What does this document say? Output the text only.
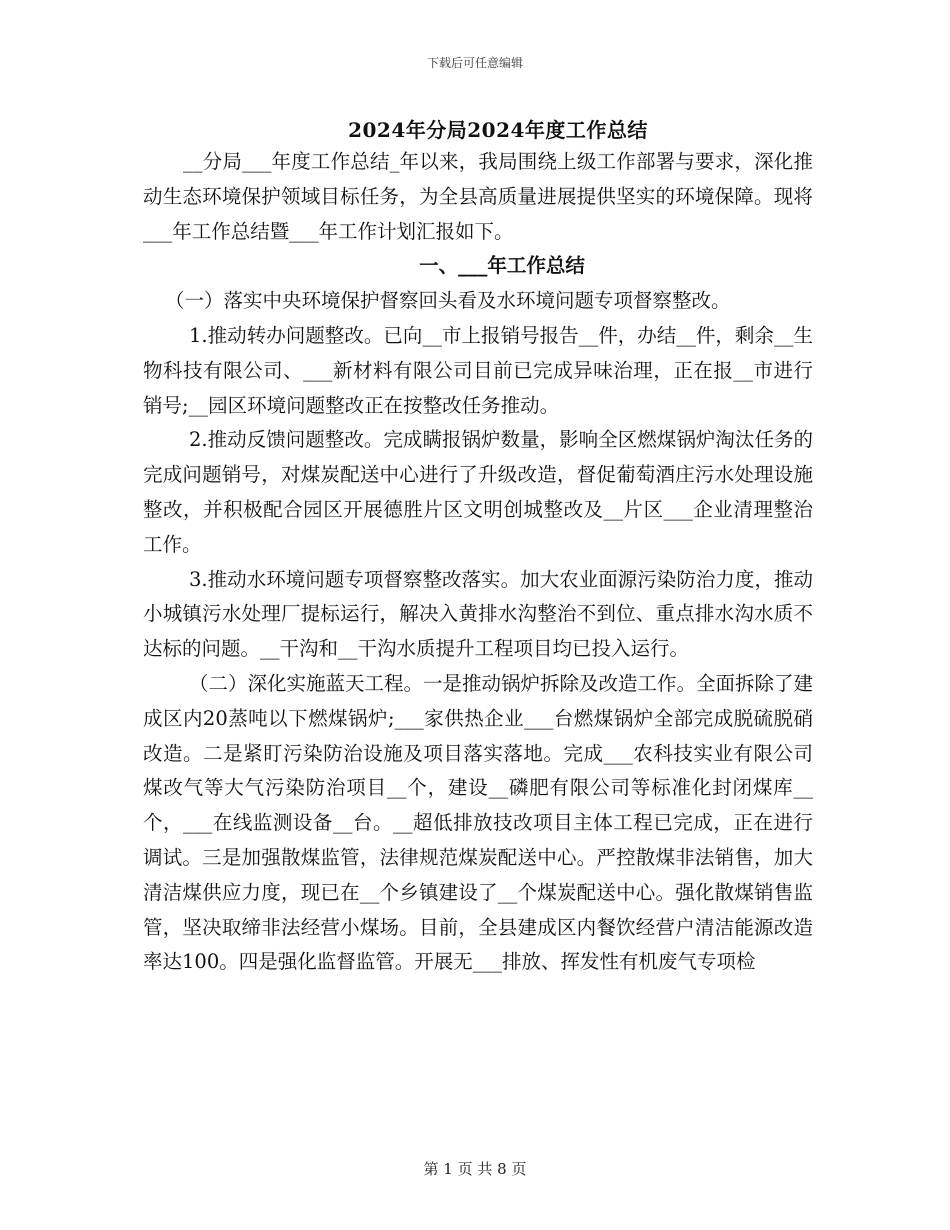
下载后可任意编辑
2024年分局2024年度工作总结

__分局___年度工作总结_年以来，我局围绕上级工作部署与要求，深化推动生态环境保护领域目标任务，为全县高质量进展提供坚实的环境保障。现将___年工作总结暨___年工作计划汇报如下。

一、___年工作总结

（一）落实中央环境保护督察回头看及水环境问题专项督察整改。

1.推动转办问题整改。已向__市上报销号报告__件，办结__件，剩余__生物科技有限公司、___新材料有限公司目前已完成异味治理，正在报__市进行销号;__园区环境问题整改正在按整改任务推动。

2.推动反馈问题整改。完成瞒报锅炉数量，影响全区燃煤锅炉淘汰任务的完成问题销号，对煤炭配送中心进行了升级改造，督促葡萄酒庄污水处理设施整改，并积极配合园区开展德胜片区文明创城整改及__片区___企业清理整治工作。

3.推动水环境问题专项督察整改落实。加大农业面源污染防治力度，推动小城镇污水处理厂提标运行，解决入黄排水沟整治不到位、重点排水沟水质不达标的问题。__干沟和__干沟水质提升工程项目均已投入运行。

（二）深化实施蓝天工程。一是推动锅炉拆除及改造工作。全面拆除了建成区内20蒸吨以下燃煤锅炉;___家供热企业___台燃煤锅炉全部完成脱硫脱硝改造。二是紧盯污染防治设施及项目落实落地。完成___农科技实业有限公司煤改气等大气污染防治项目__个，建设__磷肥有限公司等标准化封闭煤库__个，___在线监测设备__台。__超低排放技改项目主体工程已完成，正在进行调试。三是加强散煤监管，法律规范煤炭配送中心。严控散煤非法销售，加大清洁煤供应力度，现已在__个乡镇建设了__个煤炭配送中心。强化散煤销售监管，坚决取缔非法经营小煤场。目前，全县建成区内餐饮经营户清洁能源改造率达100。四是强化监督监管。开展无___排放、挥发性有机废气专项检

第 1 页 共 8 页
